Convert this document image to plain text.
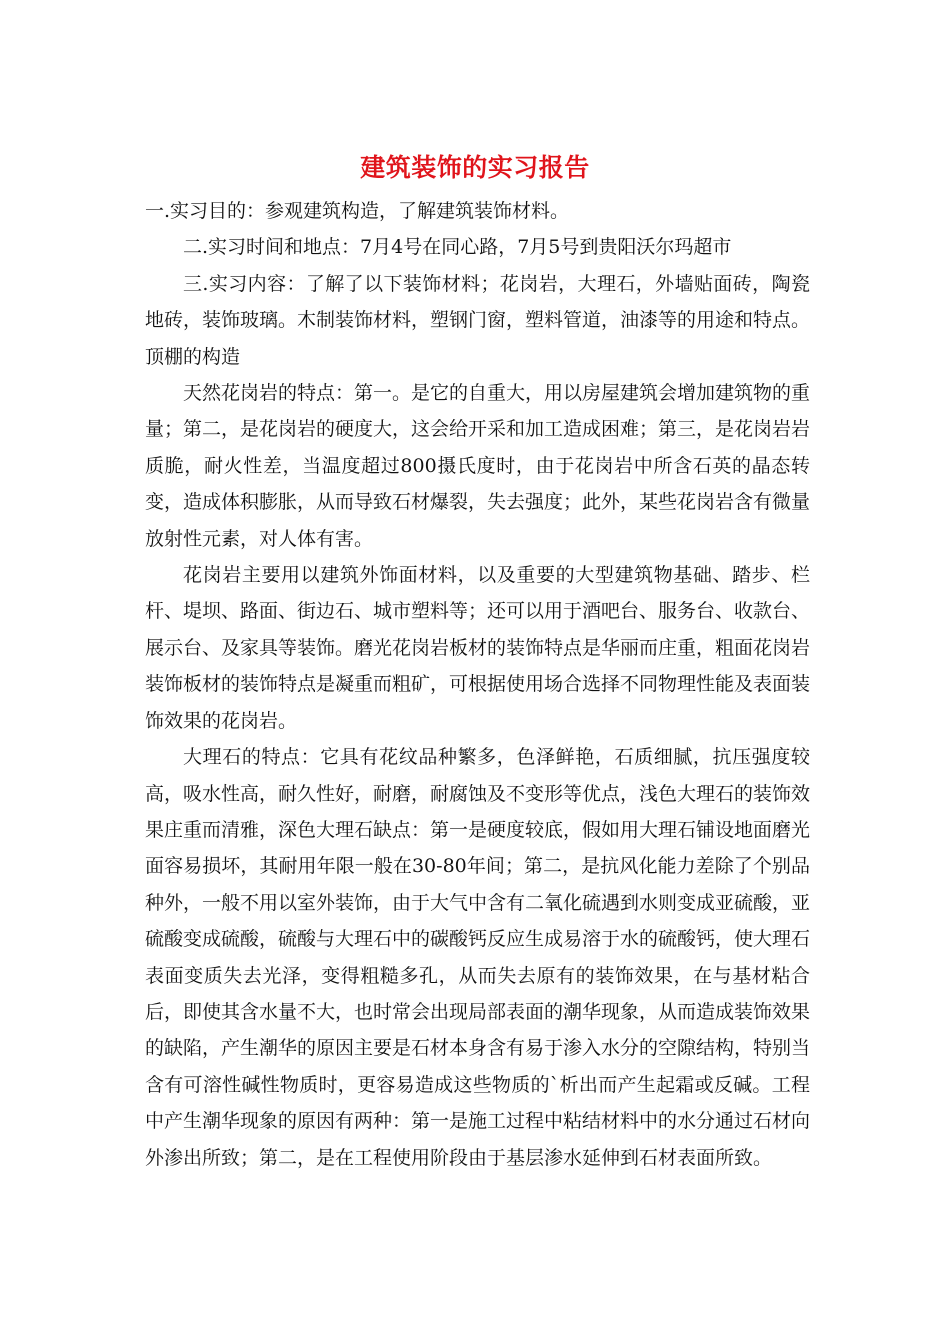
建筑装饰的实习报告

一.实习目的：参观建筑构造，了解建筑装饰材料。

二.实习时间和地点：7月4号在同心路，7月5号到贵阳沃尔玛超市

三.实习内容：了解了以下装饰材料；花岗岩，大理石，外墙贴面砖，陶瓷地砖，装饰玻璃。木制装饰材料，塑钢门窗，塑料管道，油漆等的用途和特点。顶棚的构造

天然花岗岩的特点：第一。是它的自重大，用以房屋建筑会增加建筑物的重量；第二，是花岗岩的硬度大，这会给开采和加工造成困难；第三，是花岗岩岩质脆，耐火性差，当温度超过800摄氏度时，由于花岗岩中所含石英的晶态转变，造成体积膨胀，从而导致石材爆裂，失去强度；此外，某些花岗岩含有微量放射性元素，对人体有害。

花岗岩主要用以建筑外饰面材料，以及重要的大型建筑物基础、踏步、栏杆、堤坝、路面、街边石、城市塑料等；还可以用于酒吧台、服务台、收款台、展示台、及家具等装饰。磨光花岗岩板材的装饰特点是华丽而庄重，粗面花岗岩装饰板材的装饰特点是凝重而粗矿，可根据使用场合选择不同物理性能及表面装饰效果的花岗岩。

大理石的特点：它具有花纹品种繁多，色泽鲜艳，石质细腻，抗压强度较高，吸水性高，耐久性好，耐磨，耐腐蚀及不变形等优点，浅色大理石的装饰效果庄重而清雅，深色大理石缺点：第一是硬度较底，假如用大理石铺设地面磨光面容易损坏，其耐用年限一般在30-80年间；第二，是抗风化能力差除了个别品种外，一般不用以室外装饰，由于大气中含有二氧化硫遇到水则变成亚硫酸，亚硫酸变成硫酸，硫酸与大理石中的碳酸钙反应生成易溶于水的硫酸钙，使大理石表面变质失去光泽，变得粗糙多孔，从而失去原有的装饰效果，在与基材粘合后，即使其含水量不大，也时常会出现局部表面的潮华现象，从而造成装饰效果的缺陷，产生潮华的原因主要是石材本身含有易于渗入水分的空隙结构，特别当含有可溶性碱性物质时，更容易造成这些物质的`析出而产生起霜或反碱。工程中产生潮华现象的原因有两种：第一是施工过程中粘结材料中的水分通过石材向外渗出所致；第二，是在工程使用阶段由于基层渗水延伸到石材表面所致。
